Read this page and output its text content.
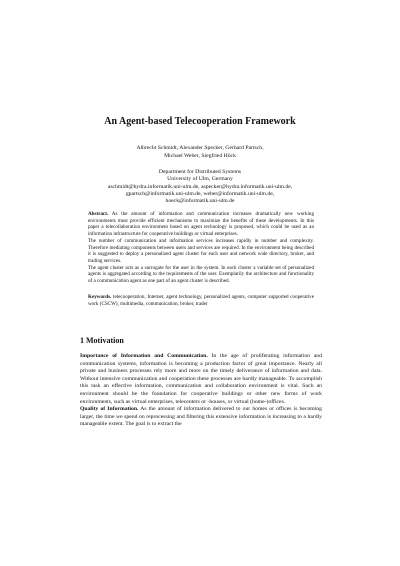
An Agent-based Telecooperation Framework
Albrecht Schmidt, Alexander Specker, Gerhard Partsch,
Michael Weber, Siegfried Höck
Department for Distributed Systems
University of Ulm, Germany
aschmidt@hydra.informatik.uni-ulm.de, aspecker@hydra.informatik.uni-ulm.de,
gpartsch@informatik.uni-ulm.de, weber@informatik.uni-ulm.de,
hoeck@informatik.uni-ulm.de

Abstract. As the amount of information and communication increases dramatically new working environments must provide efficient mechanisms to maximize the benefits of these developments. In this paper a telecollaboration environment based on agent technology is proposed, which could be used as an information infrastructure for cooperative buildings or virtual enterprises.

The number of communication and information services increases rapidly in number and complexity. Therefore mediating components between users and services are required. In the environment being described it is suggested to deploy a personalized agent cluster for each user and network wide directory, broker, and trading services.

The agent cluster acts as a surrogate for the user in the system. In each cluster a variable set of personalized agents is aggregated according to the requirements of the user. Exemplarily the architecture and functionality of a communication agent as one part of an agent cluster is described.

Keywords. telecooperation, Internet, agent technology, personalized agents, computer supported cooperative work (CSCW), multimedia, communication, broker, trader

1 Motivation

Importance of Information and Communication. In the age of proliferating information and communication systems, information is becoming a production factor of great importance. Nearly all private and business processes rely more and more on the timely deliverance of information and data. Without intensive communication and cooperation these processes are hardly manageable. To accomplish this task an effective information, communication and collaboration environment is vital. Such an environment should be the foundation for cooperative buildings or other new forms of work environments, such as virtual enterprises, telecenters or -houses, or virtual (home-)offices.

Quality of Information. As the amount of information delivered to our homes or offices is becoming larger, the time we spend on reprocessing and filtering this extensive information is increasing to a hardly manageable extent. The goal is to extract the
